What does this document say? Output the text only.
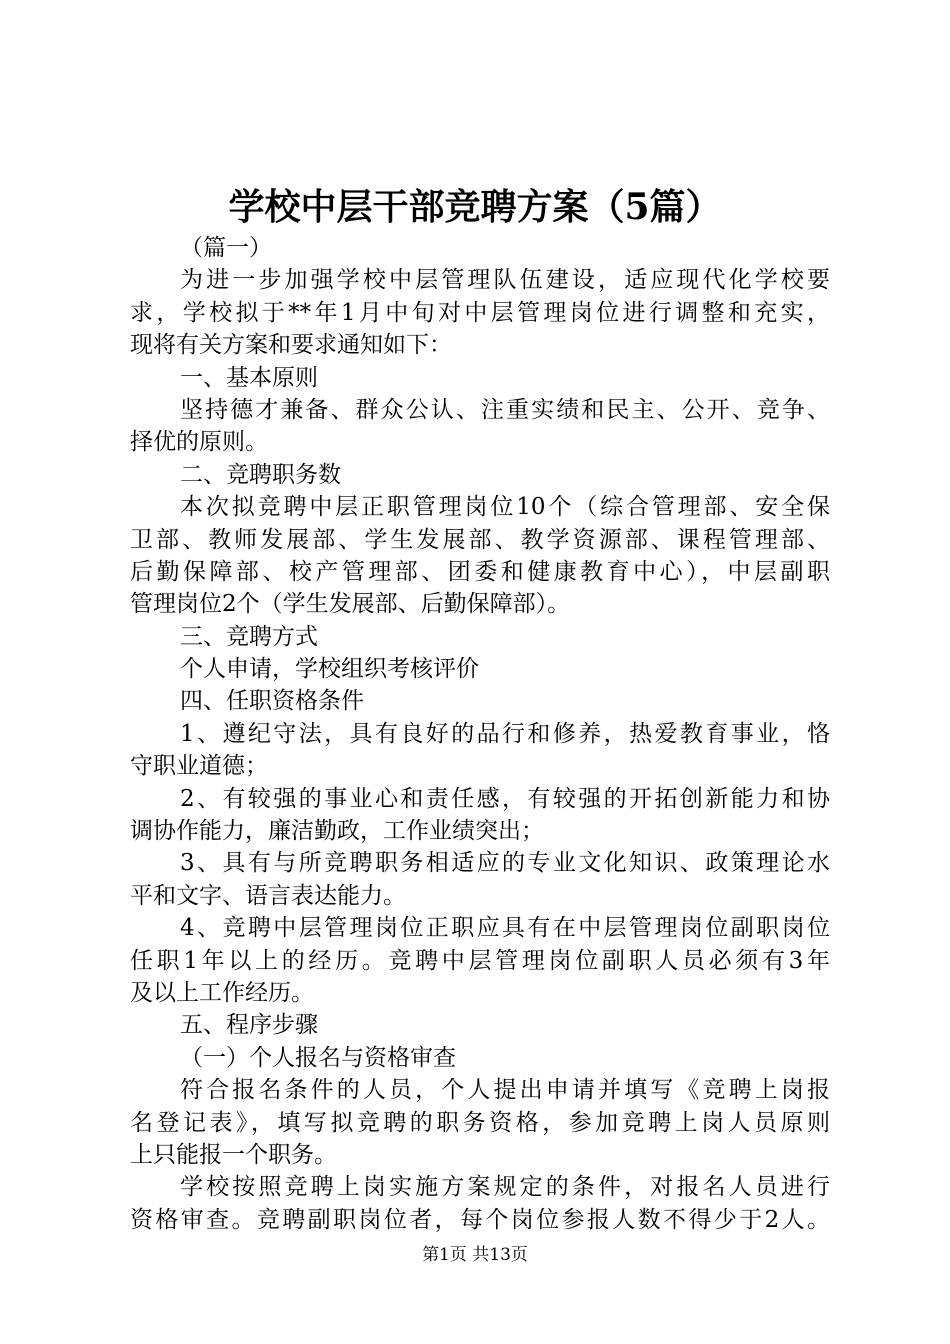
学校中层干部竞聘方案（5篇）
（篇一）
为进一步加强学校中层管理队伍建设，适应现代化学校要
求，学校拟于**年1月中旬对中层管理岗位进行调整和充实，
现将有关方案和要求通知如下：
一、基本原则
坚持德才兼备、群众公认、注重实绩和民主、公开、竞争、
择优的原则。
二、竞聘职务数
本次拟竞聘中层正职管理岗位10个（综合管理部、安全保
卫部、教师发展部、学生发展部、教学资源部、课程管理部、
后勤保障部、校产管理部、团委和健康教育中心），中层副职
管理岗位2个（学生发展部、后勤保障部）。
三、竞聘方式
个人申请，学校组织考核评价
四、任职资格条件
1、遵纪守法，具有良好的品行和修养，热爱教育事业，恪
守职业道德；
2、有较强的事业心和责任感，有较强的开拓创新能力和协
调协作能力，廉洁勤政，工作业绩突出；
3、具有与所竞聘职务相适应的专业文化知识、政策理论水
平和文字、语言表达能力。
4、竞聘中层管理岗位正职应具有在中层管理岗位副职岗位
任职1年以上的经历。竞聘中层管理岗位副职人员必须有3年
及以上工作经历。
五、程序步骤
（一）个人报名与资格审查
符合报名条件的人员，个人提出申请并填写《竞聘上岗报
名登记表》，填写拟竞聘的职务资格，参加竞聘上岗人员原则
上只能报一个职务。
学校按照竞聘上岗实施方案规定的条件，对报名人员进行
资格审查。竞聘副职岗位者，每个岗位参报人数不得少于2人。
第1页 共13页
